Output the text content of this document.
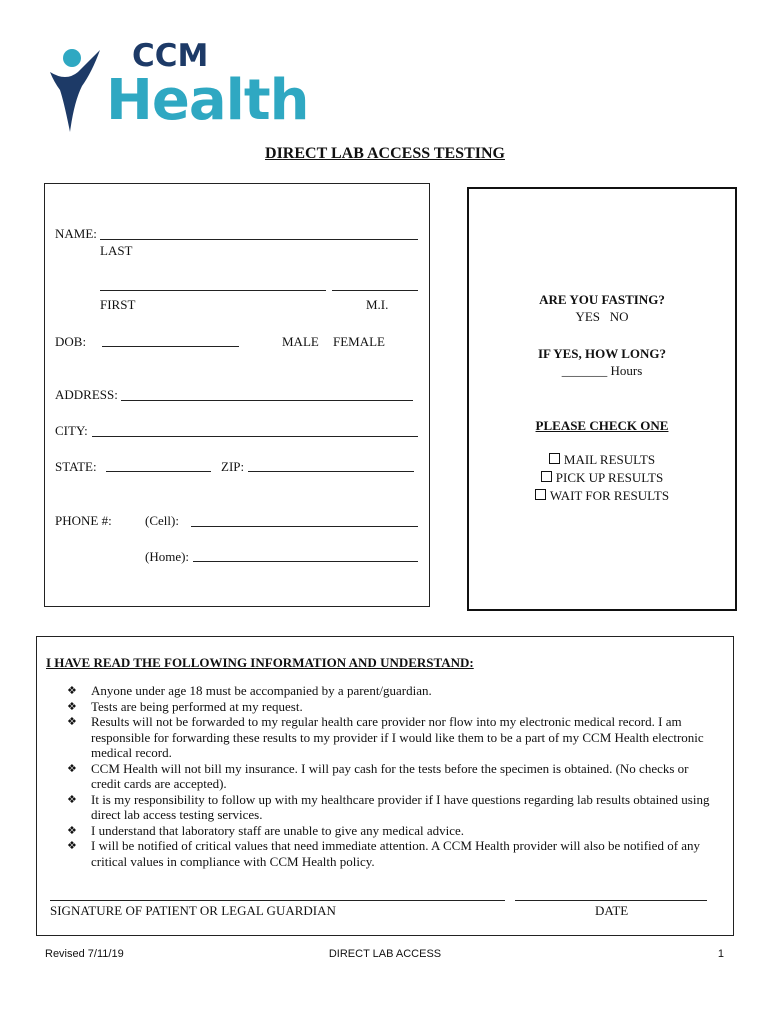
CCM
Health
DIRECT LAB ACCESS TESTING
NAME:
LAST
FIRST	M.I.
DOB:	MALE FEMALE
ADDRESS:
CITY:
STATE:	ZIP:
PHONE #:	(Cell):
(Home):
ARE YOU FASTING?
YES   NO
IF YES, HOW LONG?
_______ Hours
PLEASE CHECK ONE
MAIL RESULTS
PICK UP RESULTS
WAIT FOR RESULTS
I HAVE READ THE FOLLOWING INFORMATION AND UNDERSTAND:
❖ Anyone under age 18 must be accompanied by a parent/guardian.
❖ Tests are being performed at my request.
❖ Results will not be forwarded to my regular health care provider nor flow into my electronic medical record. I am responsible for forwarding these results to my provider if I would like them to be a part of my CCM Health electronic medical record.
❖ CCM Health will not bill my insurance. I will pay cash for the tests before the specimen is obtained. (No checks or credit cards are accepted).
❖ It is my responsibility to follow up with my healthcare provider if I have questions regarding lab results obtained using direct lab access testing services.
❖ I understand that laboratory staff are unable to give any medical advice.
❖ I will be notified of critical values that need immediate attention. A CCM Health provider will also be notified of any critical values in compliance with CCM Health policy.
SIGNATURE OF PATIENT OR LEGAL GUARDIAN	DATE
Revised 7/11/19	DIRECT LAB ACCESS	1
